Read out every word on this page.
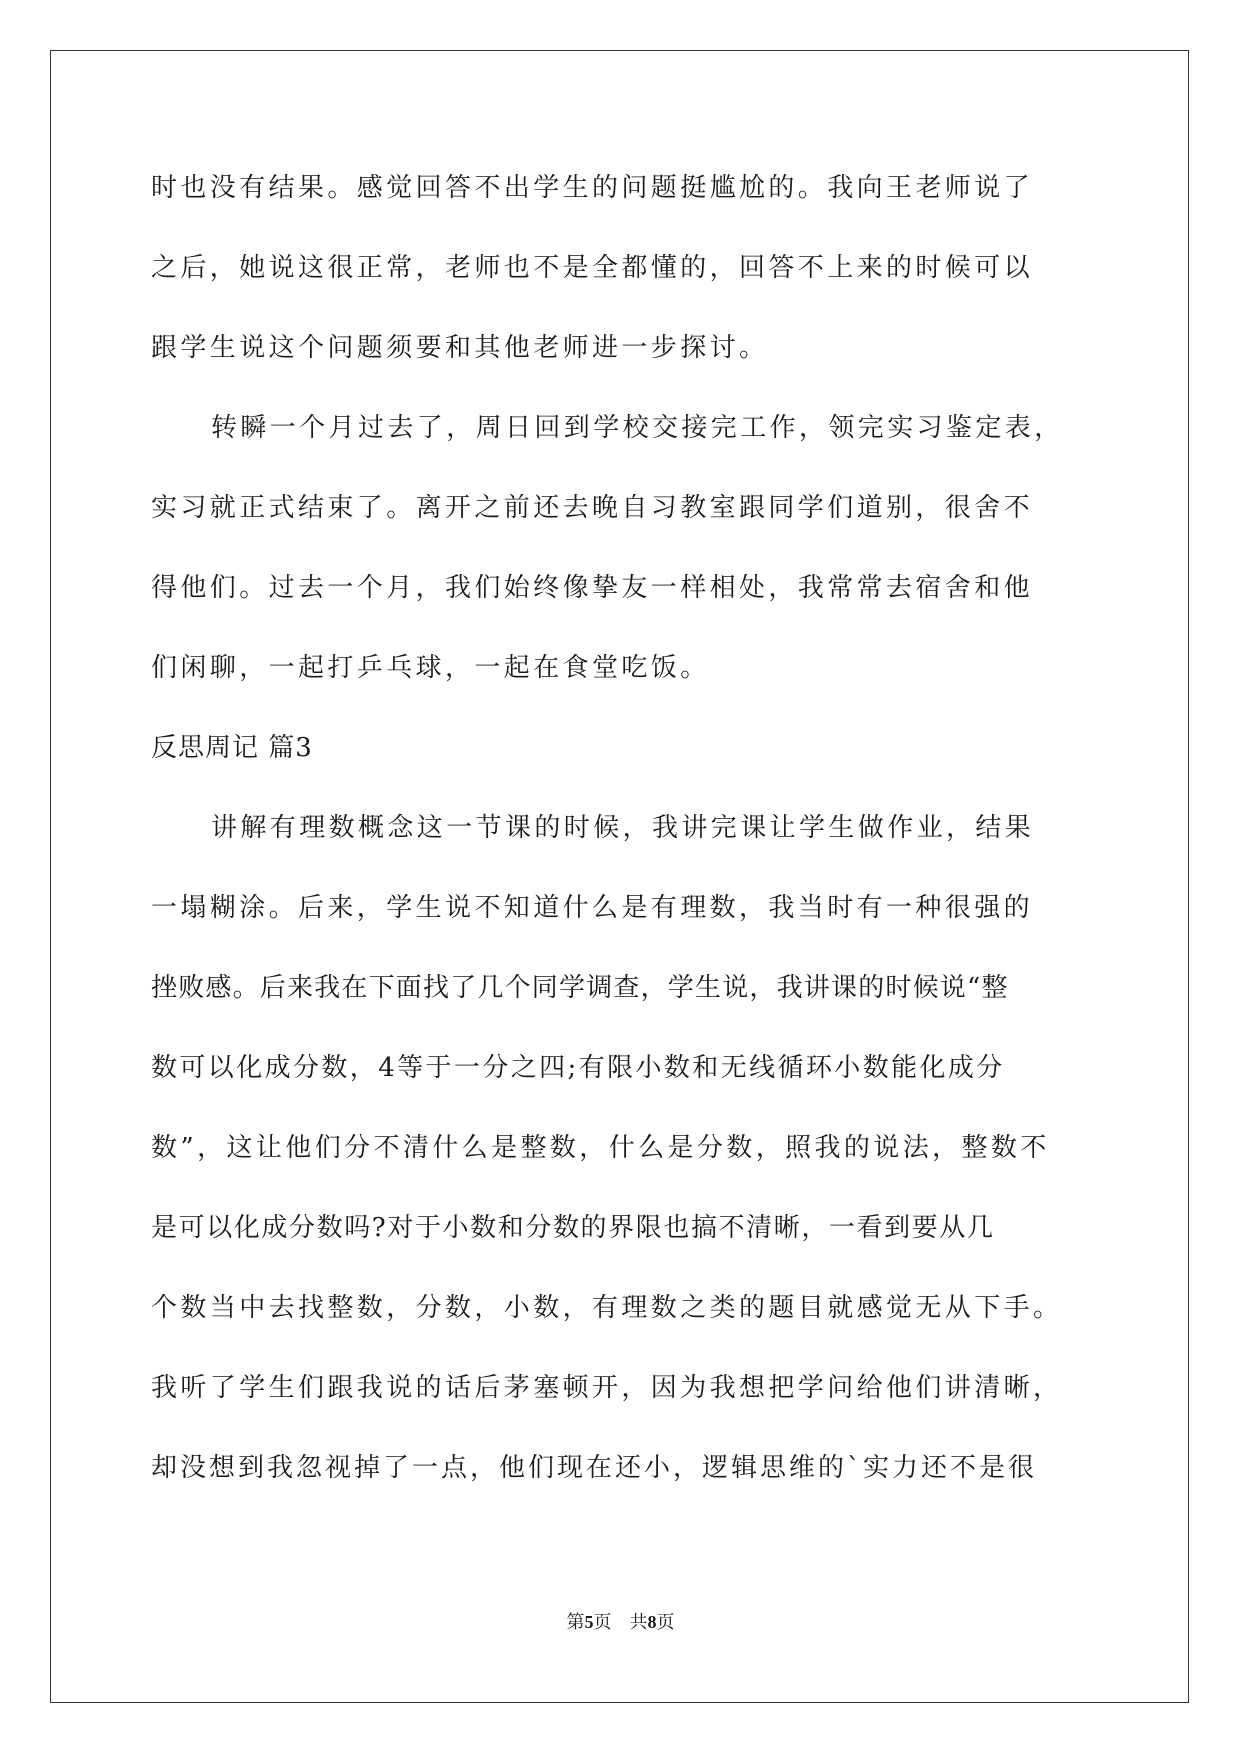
时也没有结果。感觉回答不出学生的问题挺尴尬的。我向王老师说了
之后，她说这很正常，老师也不是全都懂的，回答不上来的时候可以
跟学生说这个问题须要和其他老师进一步探讨。
转瞬一个月过去了，周日回到学校交接完工作，领完实习鉴定表，
实习就正式结束了。离开之前还去晚自习教室跟同学们道别，很舍不
得他们。过去一个月，我们始终像挚友一样相处，我常常去宿舍和他
们闲聊，一起打乒乓球，一起在食堂吃饭。
反思周记 篇3
讲解有理数概念这一节课的时候，我讲完课让学生做作业，结果
一塌糊涂。后来，学生说不知道什么是有理数，我当时有一种很强的
挫败感。后来我在下面找了几个同学调查，学生说，我讲课的时候说“整
数可以化成分数，4等于一分之四;有限小数和无线循环小数能化成分
数”，这让他们分不清什么是整数，什么是分数，照我的说法，整数不
是可以化成分数吗?对于小数和分数的界限也搞不清晰，一看到要从几
个数当中去找整数，分数，小数，有理数之类的题目就感觉无从下手。
我听了学生们跟我说的话后茅塞顿开，因为我想把学问给他们讲清晰，
却没想到我忽视掉了一点，他们现在还小，逻辑思维的`实力还不是很
第5页　共8页
